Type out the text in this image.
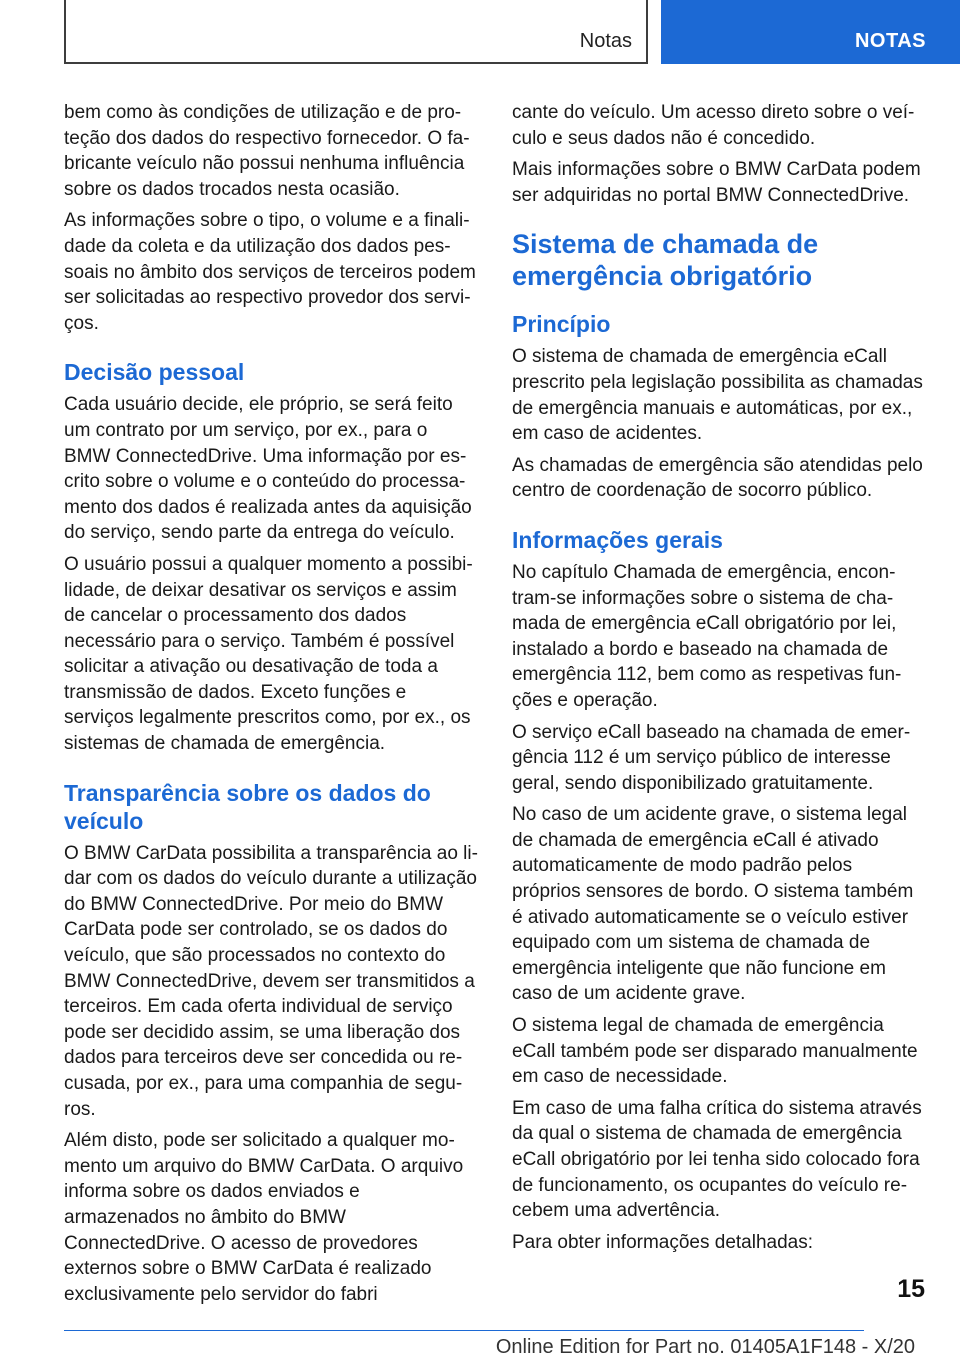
Notas	NOTAS

bem como às condições de utilização e de proteção dos dados do respectivo fornecedor. O fabricante veículo não possui nenhuma influência sobre os dados trocados nesta ocasião.

As informações sobre o tipo, o volume e a finalidade da coleta e da utilização dos dados pessoais no âmbito dos serviços de terceiros podem ser solicitadas ao respectivo provedor dos serviços.

Decisão pessoal

Cada usuário decide, ele próprio, se será feito um contrato por um serviço, por ex., para o BMW ConnectedDrive. Uma informação por escrito sobre o volume e o conteúdo do processamento dos dados é realizada antes da aquisição do serviço, sendo parte da entrega do veículo.

O usuário possui a qualquer momento a possibilidade, de deixar desativar os serviços e assim de cancelar o processamento dos dados necessário para o serviço. Também é possível solicitar a ativação ou desativação de toda a transmissão de dados. Exceto funções e serviços legalmente prescritos como, por ex., os sistemas de chamada de emergência.

Transparência sobre os dados do veículo

O BMW CarData possibilita a transparência ao lidar com os dados do veículo durante a utilização do BMW ConnectedDrive. Por meio do BMW CarData pode ser controlado, se os dados do veículo, que são processados no contexto do BMW ConnectedDrive, devem ser transmitidos a terceiros. Em cada oferta individual de serviço pode ser decidido assim, se uma liberação dos dados para terceiros deve ser concedida ou recusada, por ex., para uma companhia de seguros.

Além disto, pode ser solicitado a qualquer momento um arquivo do BMW CarData. O arquivo informa sobre os dados enviados e armazenados no âmbito do BMW ConnectedDrive. O acesso de provedores externos sobre o BMW CarData é realizado exclusivamente pelo servidor do fabri

cante do veículo. Um acesso direto sobre o veículo e seus dados não é concedido.

Mais informações sobre o BMW CarData podem ser adquiridas no portal BMW ConnectedDrive.

Sistema de chamada de emergência obrigatório
Princípio

O sistema de chamada de emergência eCall prescrito pela legislação possibilita as chamadas de emergência manuais e automáticas, por ex., em caso de acidentes.

As chamadas de emergência são atendidas pelo centro de coordenação de socorro público.

Informações gerais

No capítulo Chamada de emergência, encontram-se informações sobre o sistema de chamada de emergência eCall obrigatório por lei, instalado a bordo e baseado na chamada de emergência 112, bem como as respetivas funções e operação.

O serviço eCall baseado na chamada de emergência 112 é um serviço público de interesse geral, sendo disponibilizado gratuitamente.

No caso de um acidente grave, o sistema legal de chamada de emergência eCall é ativado automaticamente de modo padrão pelos próprios sensores de bordo. O sistema também é ativado automaticamente se o veículo estiver equipado com um sistema de chamada de emergência inteligente que não funcione em caso de um acidente grave.

O sistema legal de chamada de emergência eCall também pode ser disparado manualmente em caso de necessidade.

Em caso de uma falha crítica do sistema através da qual o sistema de chamada de emergência eCall obrigatório por lei tenha sido colocado fora de funcionamento, os ocupantes do veículo recebem uma advertência.

Para obter informações detalhadas:

15
Online Edition for Part no. 01405A1F148 - X/20
